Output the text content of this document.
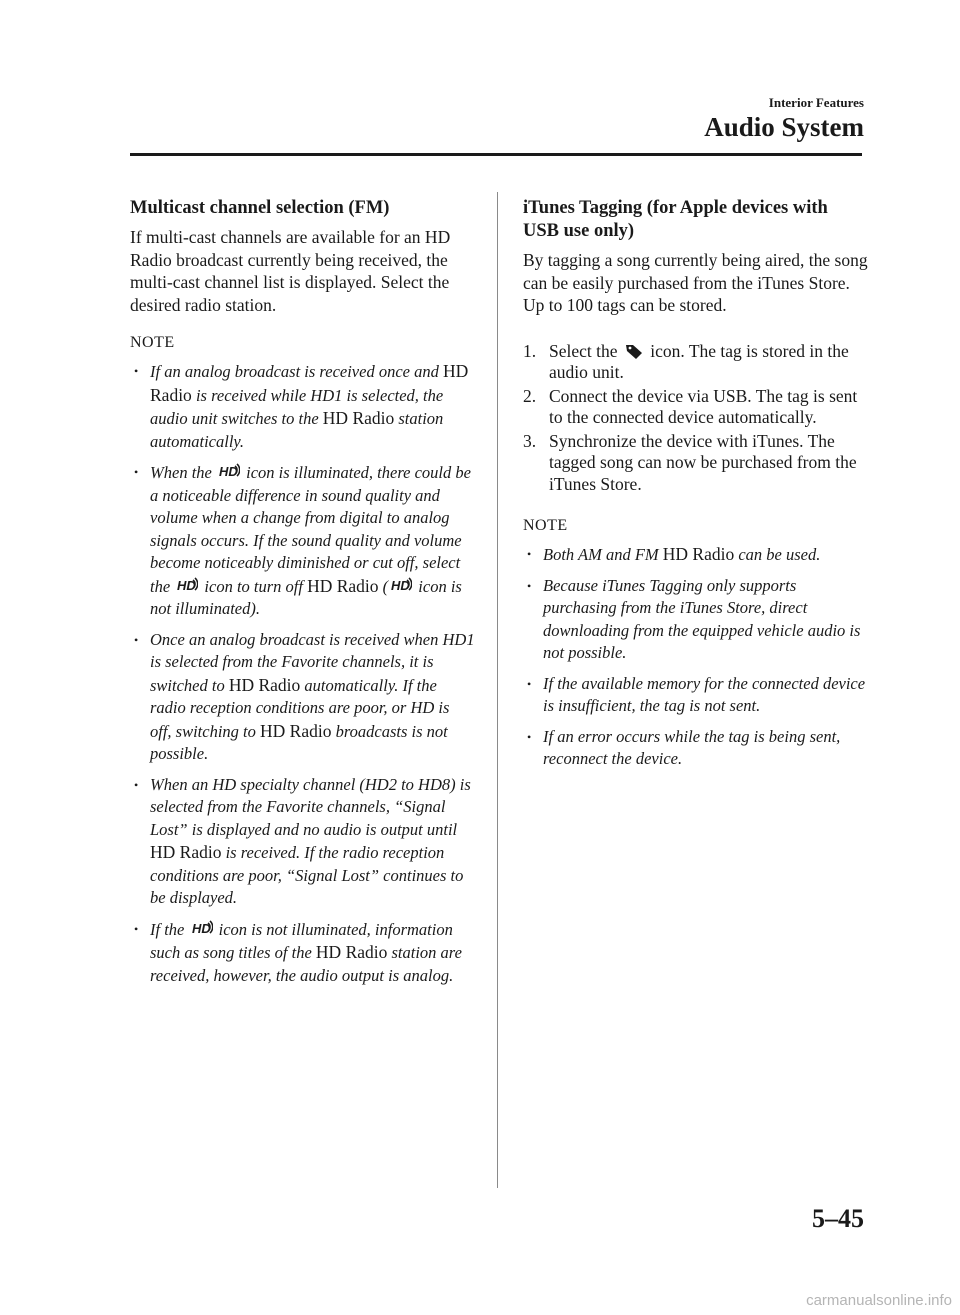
Interior Features
Audio System
Multicast channel selection (FM)

If multi-cast channels are available for an HD Radio broadcast currently being received, the multi-cast channel list is displayed. Select the desired radio station.

NOTE
• If an analog broadcast is received once and HD Radio is received while HD1 is selected, the audio unit switches to the HD Radio station automatically.
• When the HD icon is illuminated, there could be a noticeable difference in sound quality and volume when a change from digital to analog signals occurs. If the sound quality and volume become noticeably diminished or cut off, select the HD icon to turn off HD Radio ( HD icon is not illuminated).
• Once an analog broadcast is received when HD1 is selected from the Favorite channels, it is switched to HD Radio automatically. If the radio reception conditions are poor, or HD is off, switching to HD Radio broadcasts is not possible.
• When an HD specialty channel (HD2 to HD8) is selected from the Favorite channels, “Signal Lost” is displayed and no audio is output until HD Radio is received. If the radio reception conditions are poor, “Signal Lost” continues to be displayed.
• If the HD icon is not illuminated, information such as song titles of the HD Radio station are received, however, the audio output is analog.
iTunes Tagging (for Apple devices with USB use only)

By tagging a song currently being aired, the song can be easily purchased from the iTunes Store. Up to 100 tags can be stored.

1. Select the  icon. The tag is stored in the audio unit.
2. Connect the device via USB. The tag is sent to the connected device automatically.
3. Synchronize the device with iTunes. The tagged song can now be purchased from the iTunes Store.
NOTE
• Both AM and FM HD Radio can be used.
• Because iTunes Tagging only supports purchasing from the iTunes Store, direct downloading from the equipped vehicle audio is not possible.
• If the available memory for the connected device is insufficient, the tag is not sent.
• If an error occurs while the tag is being sent, reconnect the device.
5–45
carmanualsonline.info
